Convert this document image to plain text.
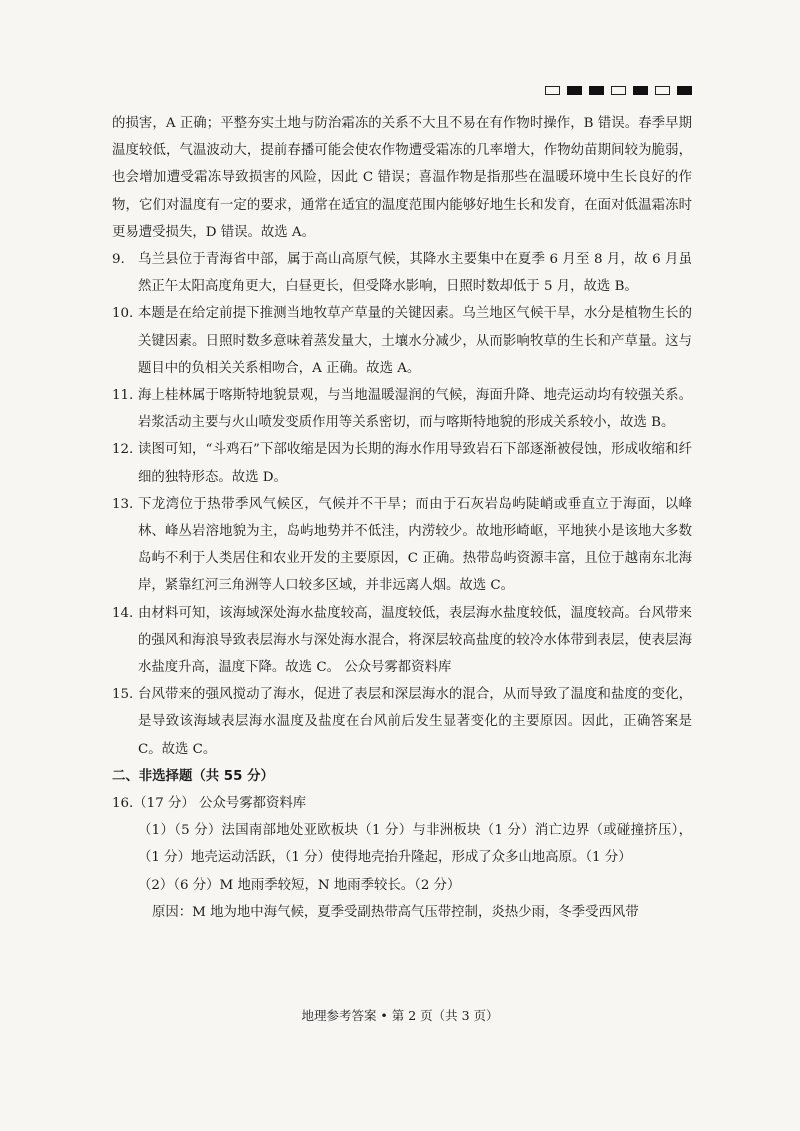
的损害，A 正确；平整夯实土地与防治霜冻的关系不大且不易在有作物时操作，B 错误。春季早期温度较低，气温波动大，提前春播可能会使农作物遭受霜冻的几率增大，作物幼苗期间较为脆弱，也会增加遭受霜冻导致损害的风险，因此 C 错误；喜温作物是指那些在温暖环境中生长良好的作物，它们对温度有一定的要求，通常在适宜的温度范围内能够好地生长和发育，在面对低温霜冻时更易遭受损失，D 错误。故选 A。

9. 乌兰县位于青海省中部，属于高山高原气候，其降水主要集中在夏季 6 月至 8 月，故 6 月虽然正午太阳高度角更大，白昼更长，但受降水影响，日照时数却低于 5 月，故选 B。
10. 本题是在给定前提下推测当地牧草产草量的关键因素。乌兰地区气候干旱，水分是植物生长的关键因素。日照时数多意味着蒸发量大，土壤水分减少，从而影响牧草的生长和产草量。这与题目中的负相关关系相吻合，A 正确。故选 A。
11. 海上桂林属于喀斯特地貌景观，与当地温暖湿润的气候，海面升降、地壳运动均有较强关系。岩浆活动主要与火山喷发变质作用等关系密切，而与喀斯特地貌的形成关系较小，故选 B。
12. 读图可知，“斗鸡石”下部收缩是因为长期的海水作用导致岩石下部逐渐被侵蚀，形成收缩和纤细的独特形态。故选 D。
13. 下龙湾位于热带季风气候区，气候并不干旱；而由于石灰岩岛屿陡峭或垂直立于海面，以峰林、峰丛岩溶地貌为主，岛屿地势并不低洼，内涝较少。故地形崎岖，平地狭小是该地大多数岛屿不利于人类居住和农业开发的主要原因，C 正确。热带岛屿资源丰富，且位于越南东北海岸，紧靠红河三角洲等人口较多区域，并非远离人烟。故选 C。
14. 由材料可知，该海域深处海水盐度较高，温度较低，表层海水盐度较低，温度较高。台风带来的强风和海浪导致表层海水与深处海水混合，将深层较高盐度的较冷水体带到表层，使表层海水盐度升高，温度下降。故选 C。 公众号雾都资料库
15. 台风带来的强风搅动了海水，促进了表层和深层海水的混合，从而导致了温度和盐度的变化，是导致该海域表层海水温度及盐度在台风前后发生显著变化的主要原因。因此，正确答案是 C。故选 C。
二、非选择题（共 55 分）
16.（17 分） 公众号雾都资料库
（1）（5 分）法国南部地处亚欧板块（1 分）与非洲板块（1 分）消亡边界（或碰撞挤压），（1 分）地壳运动活跃，（1 分）使得地壳抬升隆起，形成了众多山地高原。（1 分）
（2）（6 分）M 地雨季较短，N 地雨季较长。（2 分）
原因：M 地为地中海气候，夏季受副热带高气压带控制，炎热少雨，冬季受西风带
地理参考答案 • 第 2 页（共 3 页）
